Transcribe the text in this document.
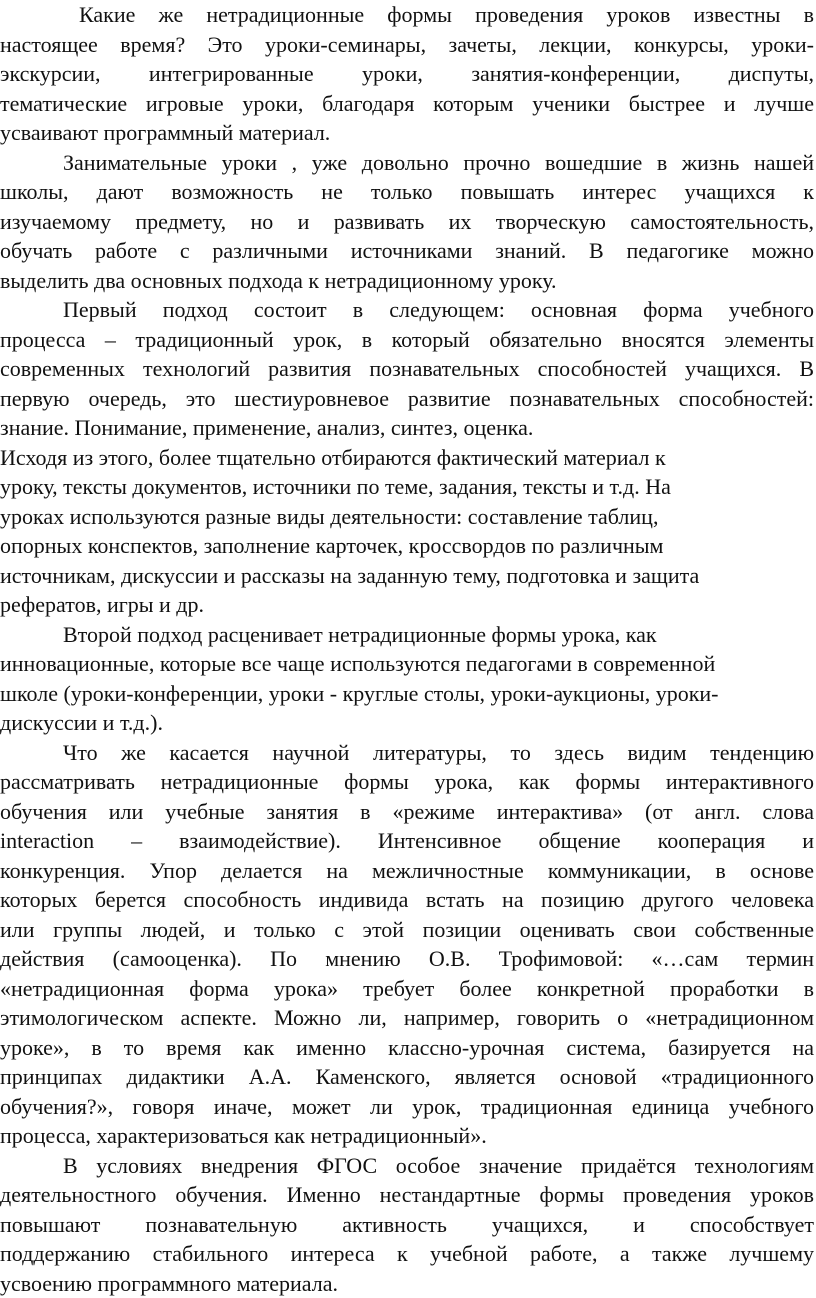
Какие же нетрадиционные формы проведения уроков известны в
настоящее время? Это уроки-семинары, зачеты, лекции, конкурсы, уроки-
экскурсии, интегрированные уроки, занятия-конференции, диспуты,
тематические игровые уроки, благодаря которым ученики быстрее и лучше
усваивают программный материал.
Занимательные уроки , уже довольно прочно вошедшие в жизнь нашей
школы, дают возможность не только повышать интерес учащихся к
изучаемому предмету, но и развивать их творческую самостоятельность,
обучать работе с различными источниками знаний. В педагогике можно
выделить два основных подхода к нетрадиционному уроку.
Первый подход состоит в следующем: основная форма учебного
процесса – традиционный урок, в который обязательно вносятся элементы
современных технологий развития познавательных способностей учащихся. В
первую очередь, это шестиуровневое развитие познавательных способностей:
знание. Понимание, применение, анализ, синтез, оценка.
Исходя из этого, более тщательно отбираются фактический материал к
уроку, тексты документов, источники по теме, задания, тексты и т.д. На
уроках используются разные виды деятельности: составление таблиц,
опорных конспектов, заполнение карточек, кроссвордов по различным
источникам, дискуссии и рассказы на заданную тему, подготовка и защита
рефератов, игры и др.
Второй подход расценивает нетрадиционные формы урока, как
инновационные, которые все чаще используются педагогами в современной
школе (уроки-конференции, уроки - круглые столы, уроки-аукционы, уроки-
дискуссии и т.д.).
Что же касается научной литературы, то здесь видим тенденцию
рассматривать нетрадиционные формы урока, как формы интерактивного
обучения или учебные занятия в «режиме интерактива» (от англ. слова
interaction – взаимодействие). Интенсивное общение кооперация и
конкуренция. Упор делается на межличностные коммуникации, в основе
которых берется способность индивида встать на позицию другого человека
или группы людей, и только с этой позиции оценивать свои собственные
действия (самооценка). По мнению О.В. Трофимовой: «…сам термин
«нетрадиционная форма урока» требует более конкретной проработки в
этимологическом аспекте. Можно ли, например, говорить о «нетрадиционном
уроке», в то время как именно классно-урочная система, базируется на
принципах дидактики А.А. Каменского, является основой «традиционного
обучения?», говоря иначе, может ли урок, традиционная единица учебного
процесса, характеризоваться как нетрадиционный».
В условиях внедрения ФГОС особое значение придаётся технологиям
деятельностного обучения. Именно нестандартные формы проведения уроков
повышают познавательную активность учащихся, и способствует
поддержанию стабильного интереса к учебной работе, а также лучшему
усвоению программного материала.
